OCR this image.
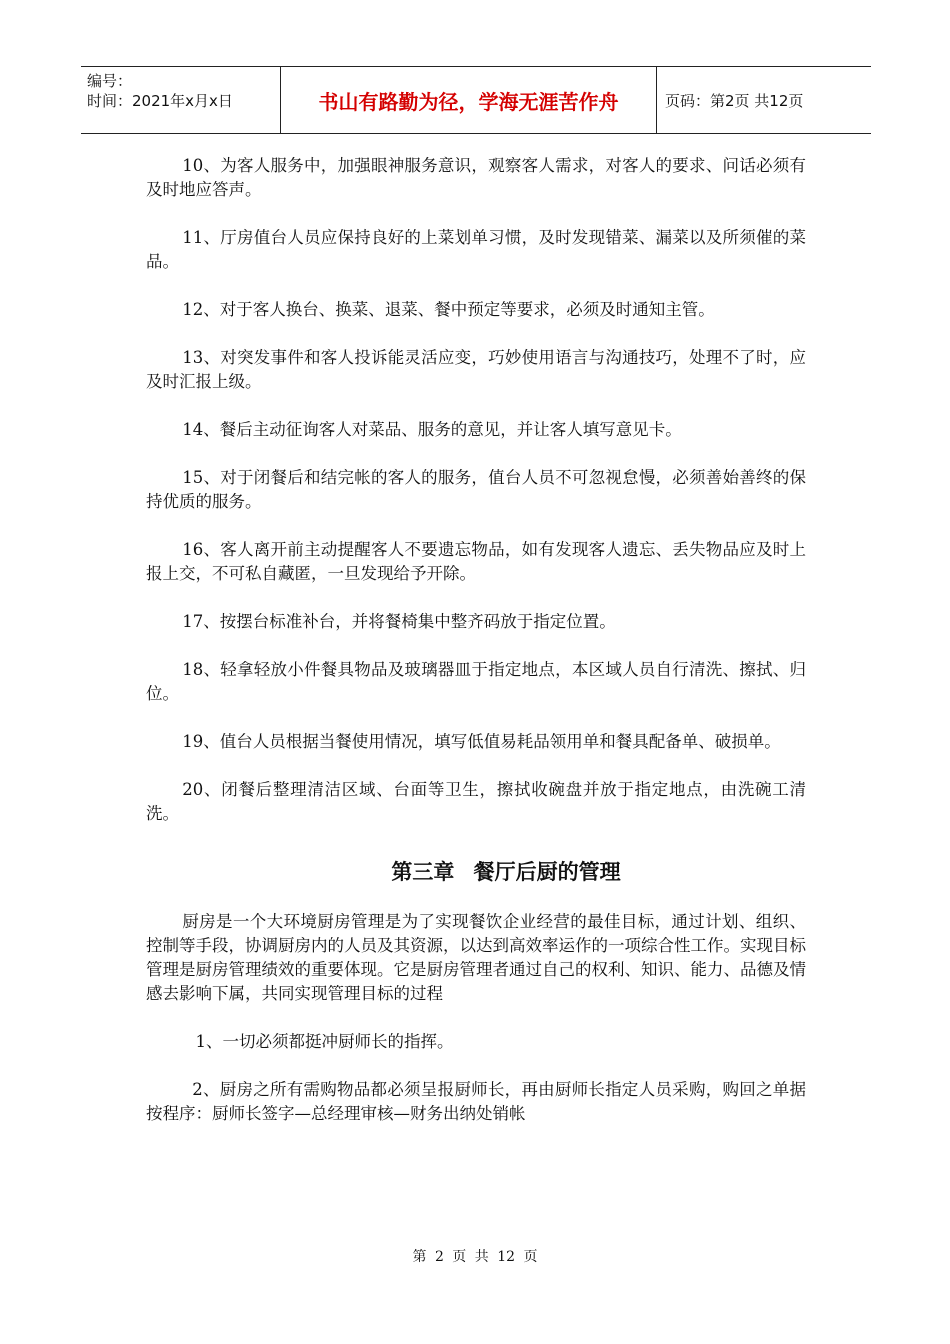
编号：
时间：2021年x月x日	书山有路勤为径，学海无涯苦作舟	页码：第2页 共12页

10、为客人服务中，加强眼神服务意识，观察客人需求，对客人的要求、问话必须有及时地应答声。

11、厅房值台人员应保持良好的上菜划单习惯，及时发现错菜、漏菜以及所须催的菜品。

12、对于客人换台、换菜、退菜、餐中预定等要求，必须及时通知主管。

13、对突发事件和客人投诉能灵活应变，巧妙使用语言与沟通技巧，处理不了时，应及时汇报上级。

14、餐后主动征询客人对菜品、服务的意见，并让客人填写意见卡。

15、对于闭餐后和结完帐的客人的服务，值台人员不可忽视怠慢，必须善始善终的保持优质的服务。

16、客人离开前主动提醒客人不要遗忘物品，如有发现客人遗忘、丢失物品应及时上报上交，不可私自藏匿，一旦发现给予开除。

17、按摆台标准补台，并将餐椅集中整齐码放于指定位置。

18、轻拿轻放小件餐具物品及玻璃器皿于指定地点，本区域人员自行清洗、擦拭、归位。

19、值台人员根据当餐使用情况，填写低值易耗品领用单和餐具配备单、破损单。

20、闭餐后整理清洁区域、台面等卫生，擦拭收碗盘并放于指定地点，由洗碗工清洗。

第三章 餐厅后厨的管理

厨房是一个大环境厨房管理是为了实现餐饮企业经营的最佳目标，通过计划、组织、控制等手段，协调厨房内的人员及其资源，以达到高效率运作的一项综合性工作。实现目标管理是厨房管理绩效的重要体现。它是厨房管理者通过自己的权利、知识、能力、品德及情感去影响下属，共同实现管理目标的过程

1、一切必须都挺冲厨师长的指挥。

2、厨房之所有需购物品都必须呈报厨师长，再由厨师长指定人员采购，购回之单据按程序：厨师长签字—总经理审核—财务出纳处销帐

第 2 页 共 12 页
